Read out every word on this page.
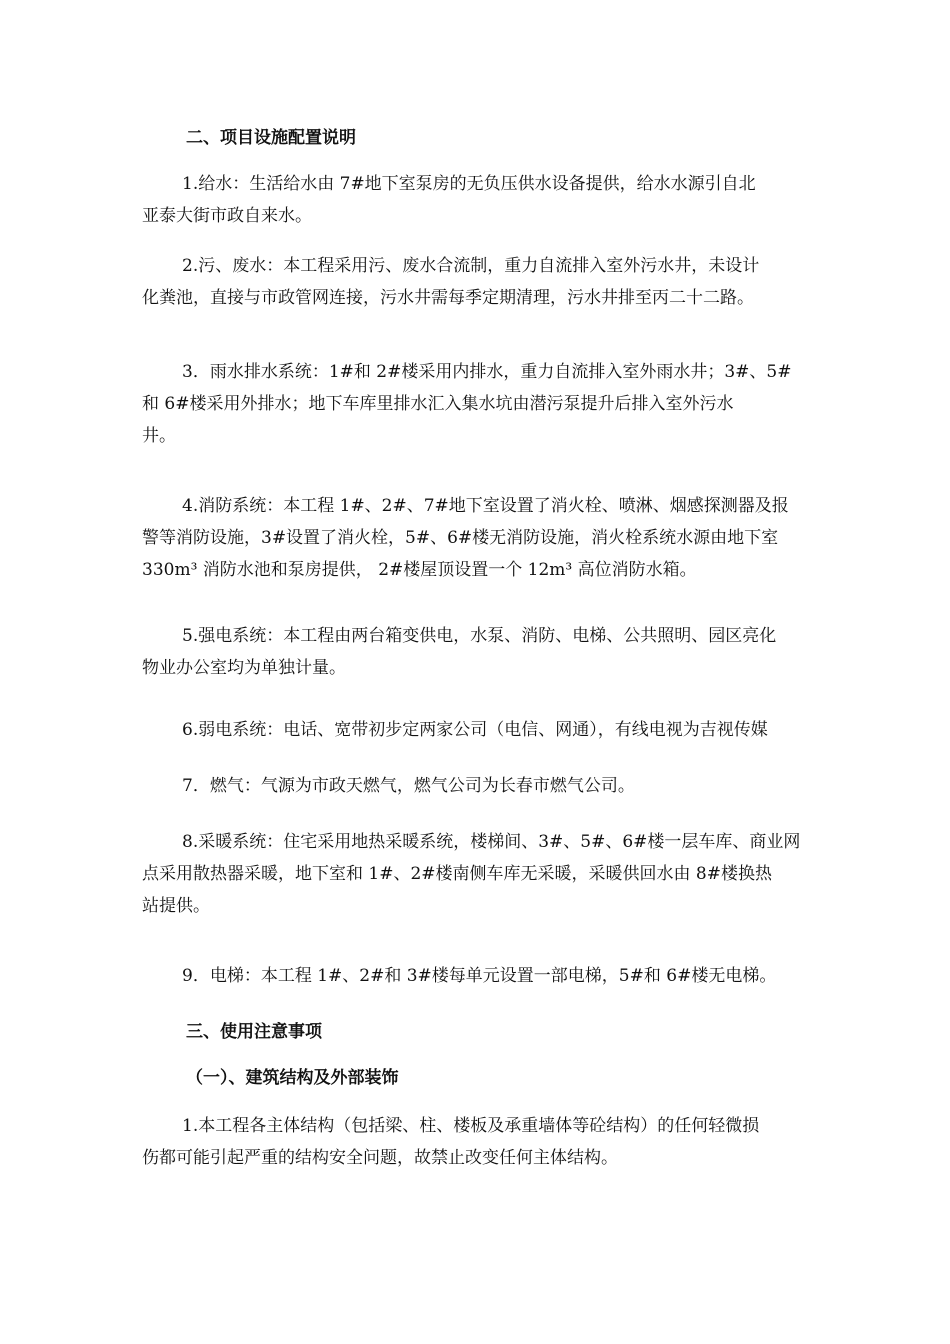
二、项目设施配置说明
1.给水：生活给水由 7#地下室泵房的无负压供水设备提供，给水水源引自北
亚泰大街市政自来水。
2.污、废水：本工程采用污、废水合流制，重力自流排入室外污水井，未设计
化粪池，直接与市政管网连接，污水井需每季定期清理，污水井排至丙二十二路。
3．雨水排水系统：1#和 2#楼采用内排水，重力自流排入室外雨水井；3#、5#
和 6#楼采用外排水；地下车库里排水汇入集水坑由潜污泵提升后排入室外污水
井。
4.消防系统：本工程 1#、2#、7#地下室设置了消火栓、喷淋、烟感探测器及报
警等消防设施，3#设置了消火栓，5#、6#楼无消防设施，消火栓系统水源由地下室
330m³ 消防水池和泵房提供， 2#楼屋顶设置一个 12m³ 高位消防水箱。
5.强电系统：本工程由两台箱变供电，水泵、消防、电梯、公共照明、园区亮化
物业办公室均为单独计量。
6.弱电系统：电话、宽带初步定两家公司（电信、网通），有线电视为吉视传媒
7．燃气：气源为市政天燃气，燃气公司为长春市燃气公司。
8.采暖系统：住宅采用地热采暖系统，楼梯间、3#、5#、6#楼一层车库、商业网
点采用散热器采暖，地下室和 1#、2#楼南侧车库无采暖，采暖供回水由 8#楼换热
站提供。
9．电梯：本工程 1#、2#和 3#楼每单元设置一部电梯，5#和 6#楼无电梯。
三、使用注意事项
（一）、建筑结构及外部装饰
1.本工程各主体结构（包括梁、柱、楼板及承重墙体等砼结构）的任何轻微损
伤都可能引起严重的结构安全问题，故禁止改变任何主体结构。
